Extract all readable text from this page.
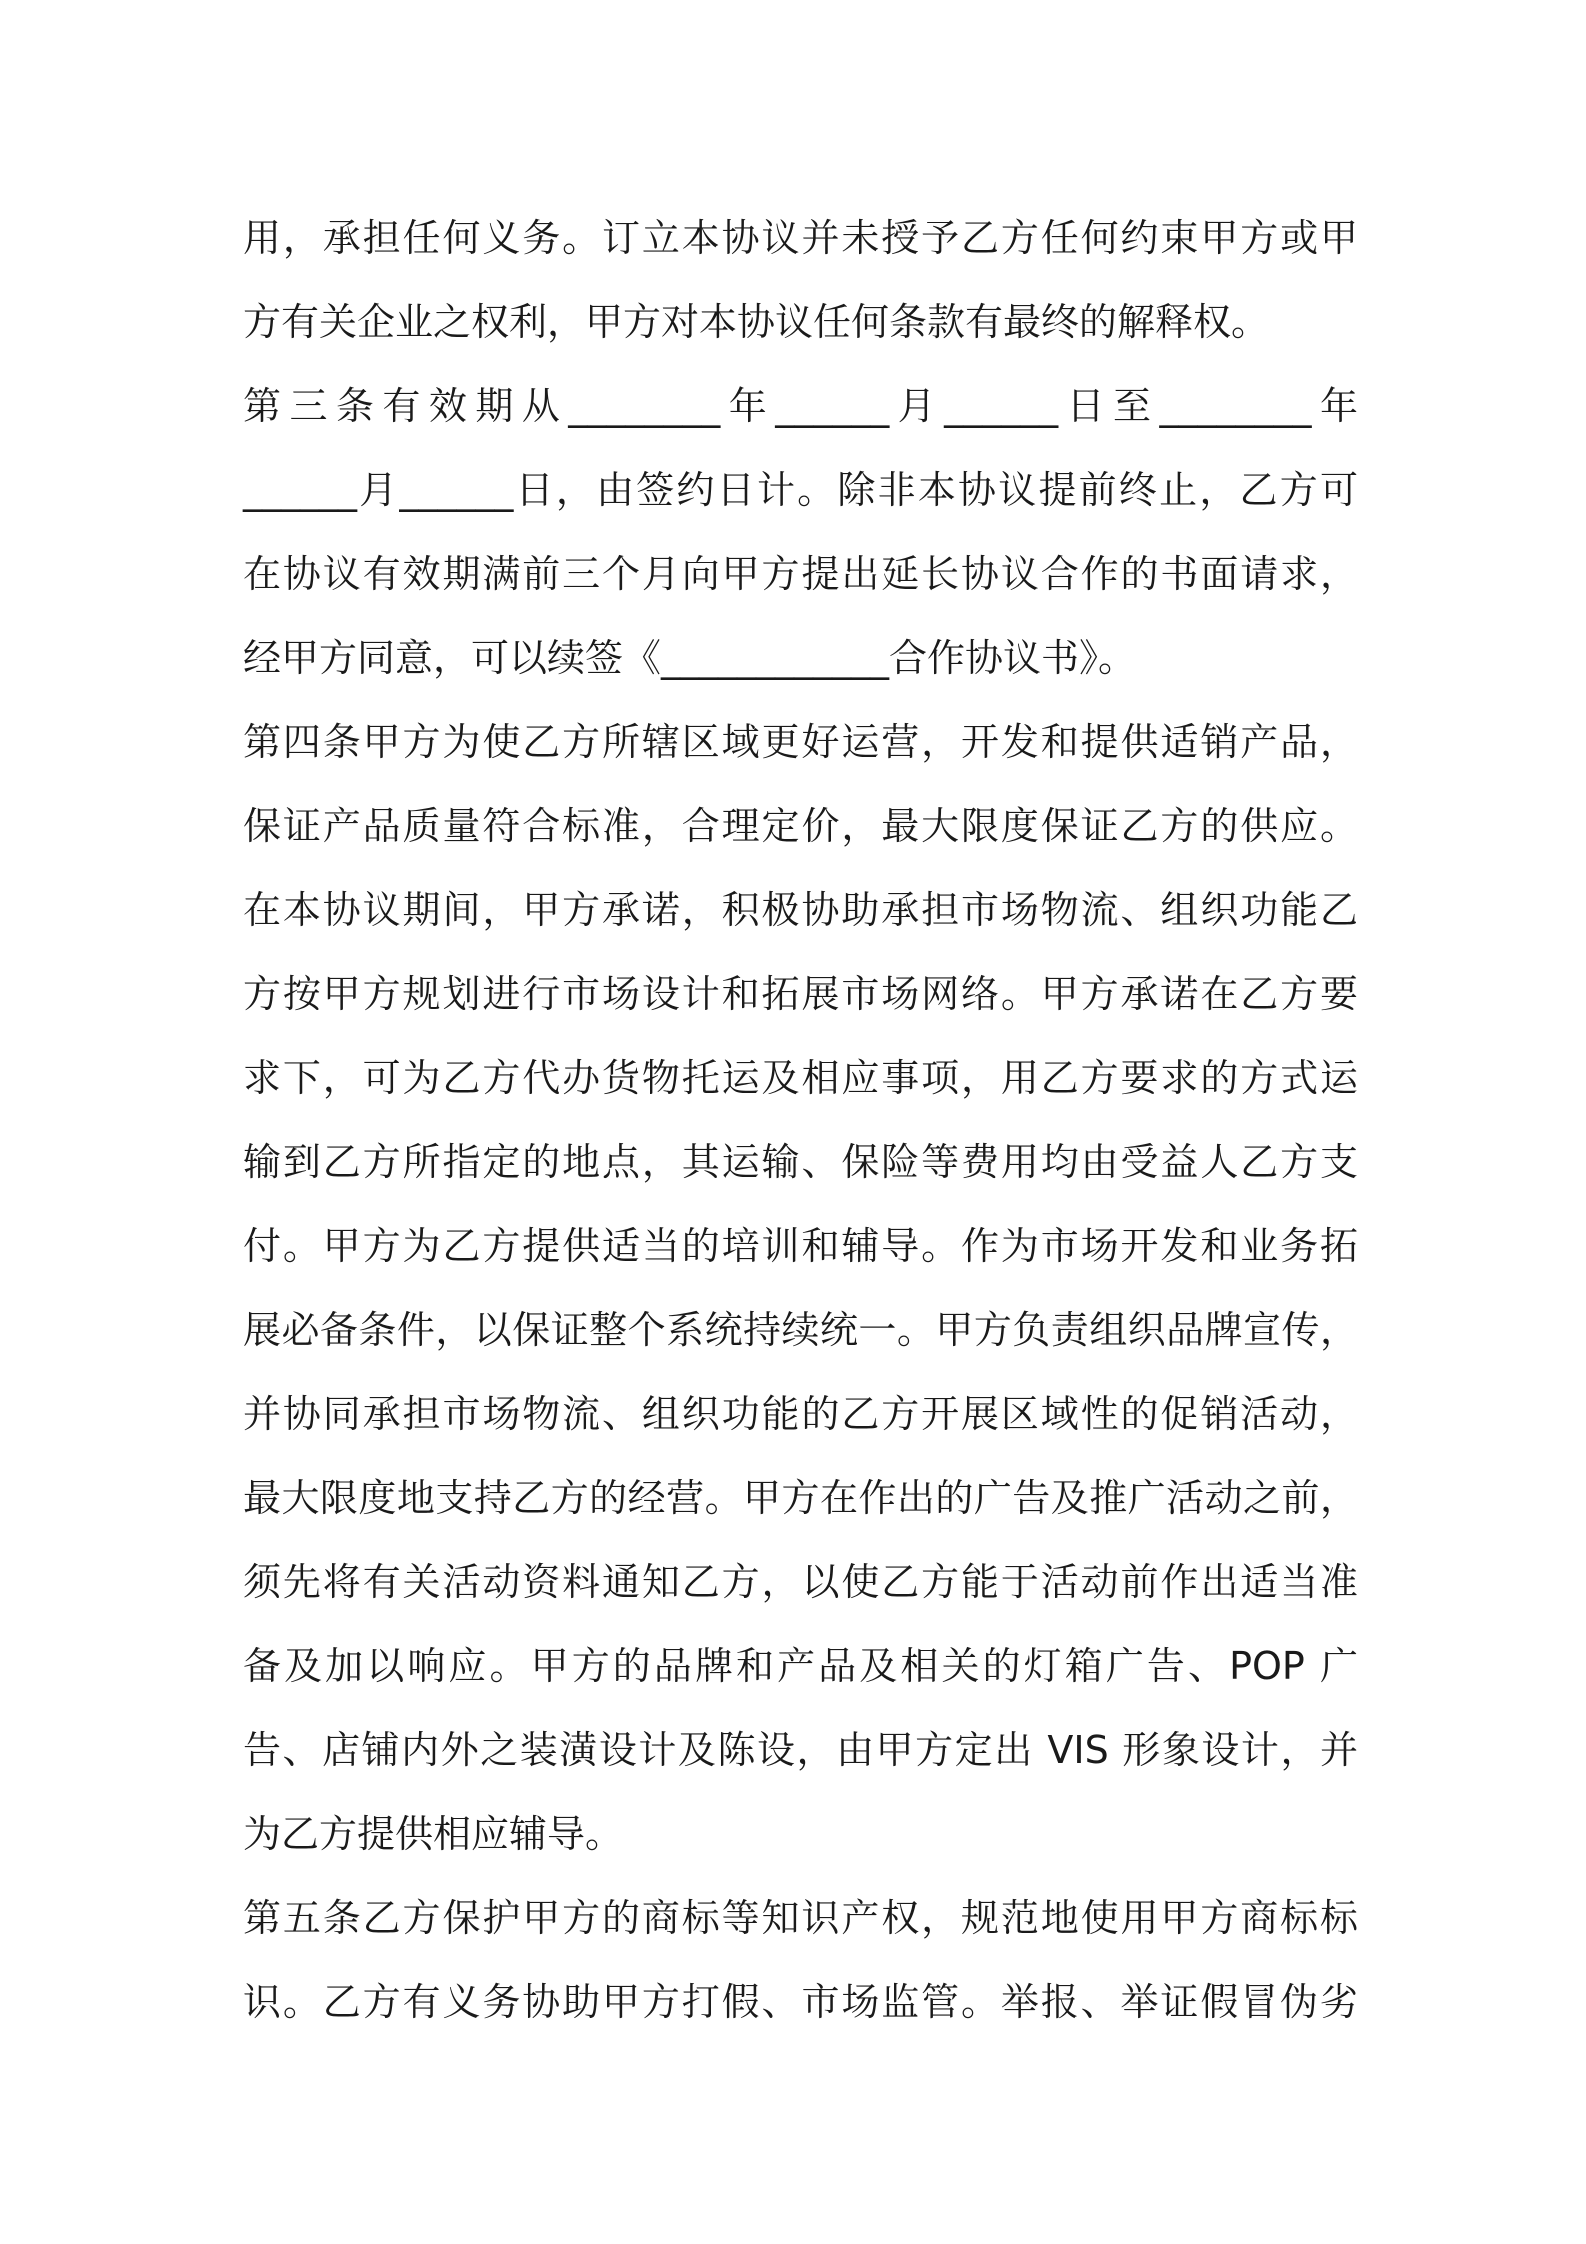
用，承担任何义务。订立本协议并未授予乙方任何约束甲方或甲
方有关企业之权利，甲方对本协议任何条款有最终的解释权。
第三条有效期从________年______月______日至________年
______月______日，由签约日计。除非本协议提前终止，乙方可
在协议有效期满前三个月向甲方提出延长协议合作的书面请求，
经甲方同意，可以续签《____________合作协议书》。
第四条甲方为使乙方所辖区域更好运营，开发和提供适销产品，
保证产品质量符合标准，合理定价，最大限度保证乙方的供应。
在本协议期间，甲方承诺，积极协助承担市场物流、组织功能乙
方按甲方规划进行市场设计和拓展市场网络。甲方承诺在乙方要
求下，可为乙方代办货物托运及相应事项，用乙方要求的方式运
输到乙方所指定的地点，其运输、保险等费用均由受益人乙方支
付。甲方为乙方提供适当的培训和辅导。作为市场开发和业务拓
展必备条件，以保证整个系统持续统一。甲方负责组织品牌宣传，
并协同承担市场物流、组织功能的乙方开展区域性的促销活动，
最大限度地支持乙方的经营。甲方在作出的广告及推广活动之前，
须先将有关活动资料通知乙方，以使乙方能于活动前作出适当准
备及加以响应。甲方的品牌和产品及相关的灯箱广告、POP 广
告、店铺内外之装潢设计及陈设，由甲方定出 VIS 形象设计，并
为乙方提供相应辅导。
第五条乙方保护甲方的商标等知识产权，规范地使用甲方商标标
识。乙方有义务协助甲方打假、市场监管。举报、举证假冒伪劣
